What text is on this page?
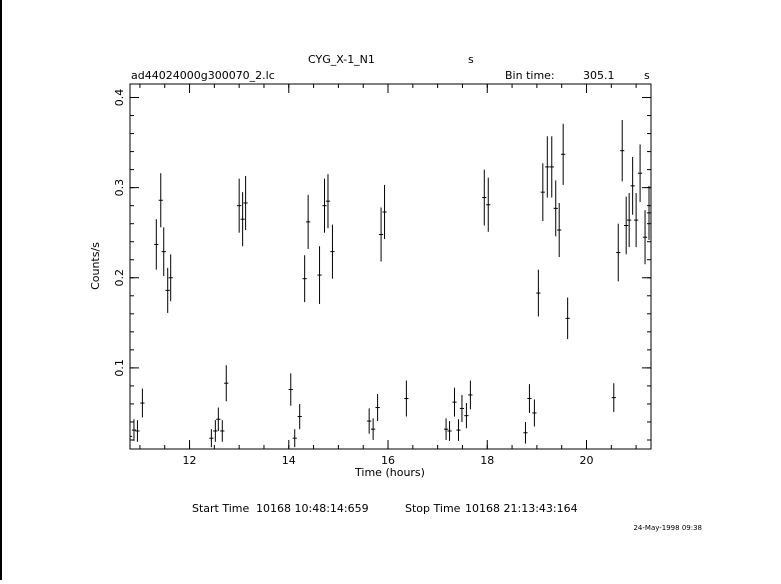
CYG_X-1_N1	s
ad44024000g300070_2.lc	Bin time:	305.1	s
12	14	16	18	20
0.1
0.2
0.3
0.4
Time (hours)
Counts/s
Start Time 10168 10:48:14:659	Stop Time 10168 21:13:43:164
24-May-1998 09:38
